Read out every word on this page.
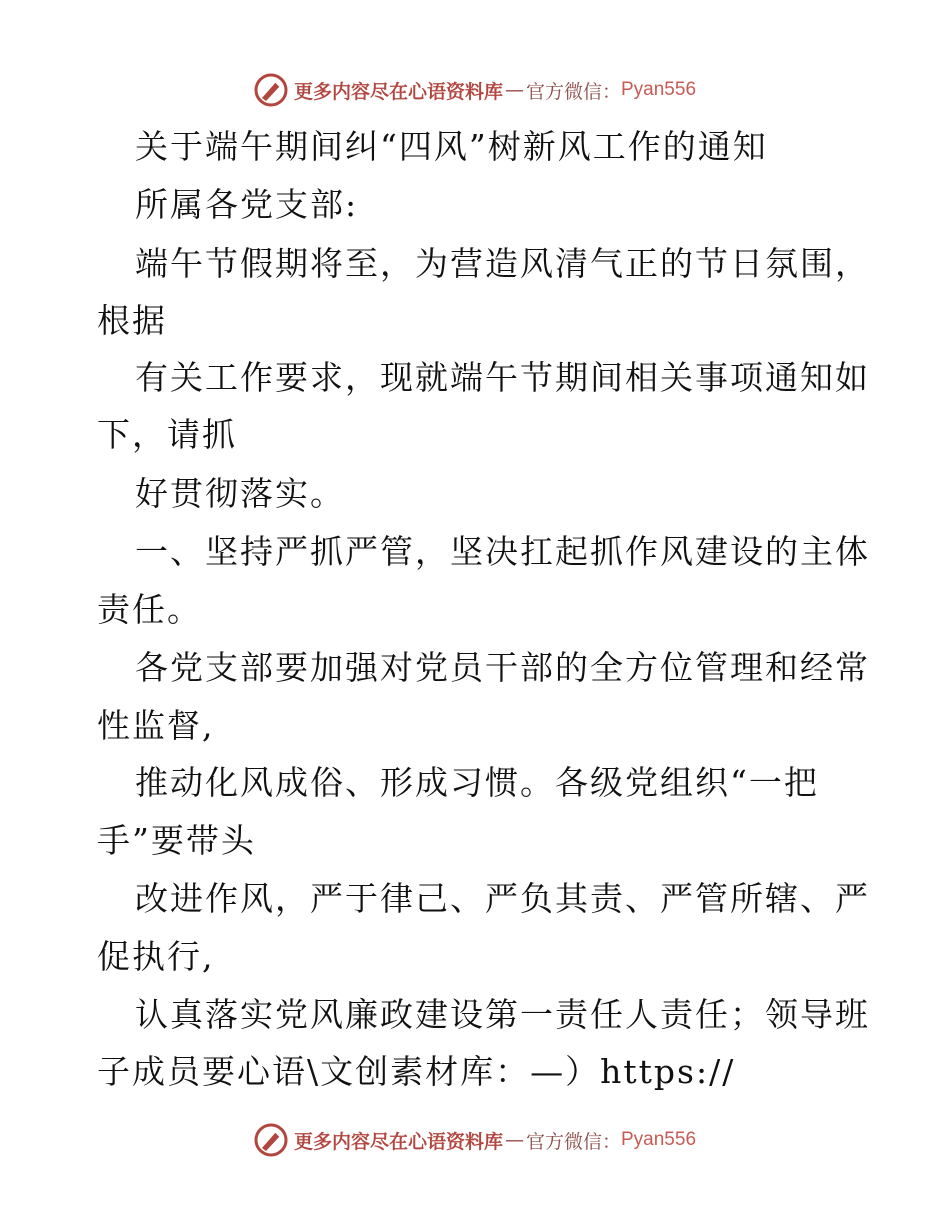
更多内容尽在心语资料库 — 官方微信： Pyan556
关于端午期间纠“四风”树新风工作的通知
所属各党支部:
端午节假期将至，为营造风清气正的节日氛围，
根据
有关工作要求，现就端午节期间相关事项通知如
下，请抓
好贯彻落实。
一、坚持严抓严管，坚决扛起抓作风建设的主体
责任。
各党支部要加强对党员干部的全方位管理和经常
性监督,
推动化风成俗、形成习惯。各级党组织“一把
手”要带头
改进作风，严于律己、严负其责、严管所辖、严
促执行,
认真落实党风廉政建设第一责任人责任；领导班
子成员要心语\文创素材库：—）https://
更多内容尽在心语资料库 — 官方微信： Pyan556
